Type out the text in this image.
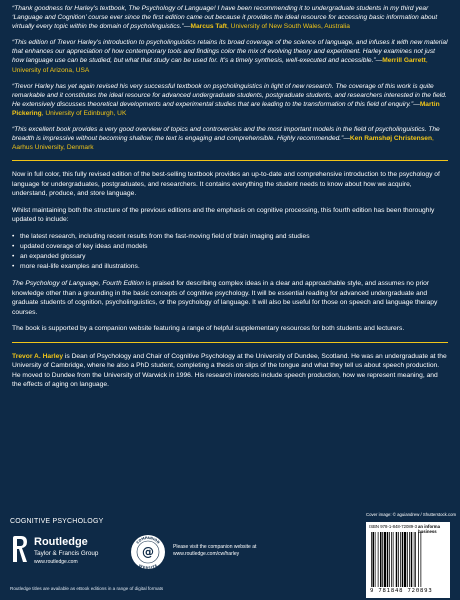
“Thank goodness for Harley’s textbook, The Psychology of Language! I have been recommending it to undergraduate students in my third year ‘Language and Cognition’ course ever since the first edition came out because it provides the ideal resource for accessing basic information about virtually every topic within the domain of psycholinguistics.”—Marcus Taft, University of New South Wales, Australia

“This edition of Trevor Harley’s introduction to psycholinguistics retains its broad coverage of the science of language, and infuses it with new material that enhances our appreciation of how contemporary tools and findings color the mix of evolving theory and experiment. Harley examines not just how language use can be studied, but what that study can be used for. It’s a timely synthesis, well-executed and accessible.”—Merrill Garrett, University of Arizona, USA

“Trevor Harley has yet again revised his very successful textbook on psycholinguistics in light of new research. The coverage of this work is quite remarkable and it constitutes the ideal resource for advanced undergraduate students, postgraduate students, and researchers interested in the field. He extensively discusses theoretical developments and experimental studies that are leading to the transformation of this field of enquiry.”—Martin Pickering, University of Edinburgh, UK

“This excellent book provides a very good overview of topics and controversies and the most important models in the field of psycholinguistics. The breadth is impressive without becoming shallow; the text is engaging and comprehensible. Highly recommended.”—Ken Ramshøj Christensen, Aarhus University, Denmark

Now in full color, this fully revised edition of the best-selling textbook provides an up-to-date and comprehensive introduction to the psychology of language for undergraduates, postgraduates, and researchers. It contains everything the student needs to know about how we acquire, understand, produce, and store language.

Whilst maintaining both the structure of the previous editions and the emphasis on cognitive processing, this fourth edition has been thoroughly updated to include:

• the latest research, including recent results from the fast-moving field of brain imaging and studies
• updated coverage of key ideas and models
• an expanded glossary
• more real-life examples and illustrations.

The Psychology of Language, Fourth Edition is praised for describing complex ideas in a clear and approachable style, and assumes no prior knowledge other than a grounding in the basic concepts of cognitive psychology. It will be essential reading for advanced undergraduate and graduate students of cognition, psycholinguistics, or the psychology of language. It will also be useful for those on speech and language therapy courses.

The book is supported by a companion website featuring a range of helpful supplementary resources for both students and lecturers.

Trevor A. Harley is Dean of Psychology and Chair of Cognitive Psychology at the University of Dundee, Scotland. He was an undergraduate at the University of Cambridge, where he also a PhD student, completing a thesis on slips of the tongue and what they tell us about speech production. He moved to Dundee from the University of Warwick in 1996. His research interests include speech production, how we represent meaning, and the effects of aging on language.

COGNITIVE PSYCHOLOGY
Routledge
Taylor & Francis Group
www.routledge.com
@
COMPANION
WEBSITE
Please visit the companion website at
www.routledge.com/cw/harley
Routledge titles are available as eBook editions in a range of digital formats
Cover image: © aguiandrew / Shutterstock.com
ISBN 978-1-848-72089-3 an informa business
9 781848 720893
